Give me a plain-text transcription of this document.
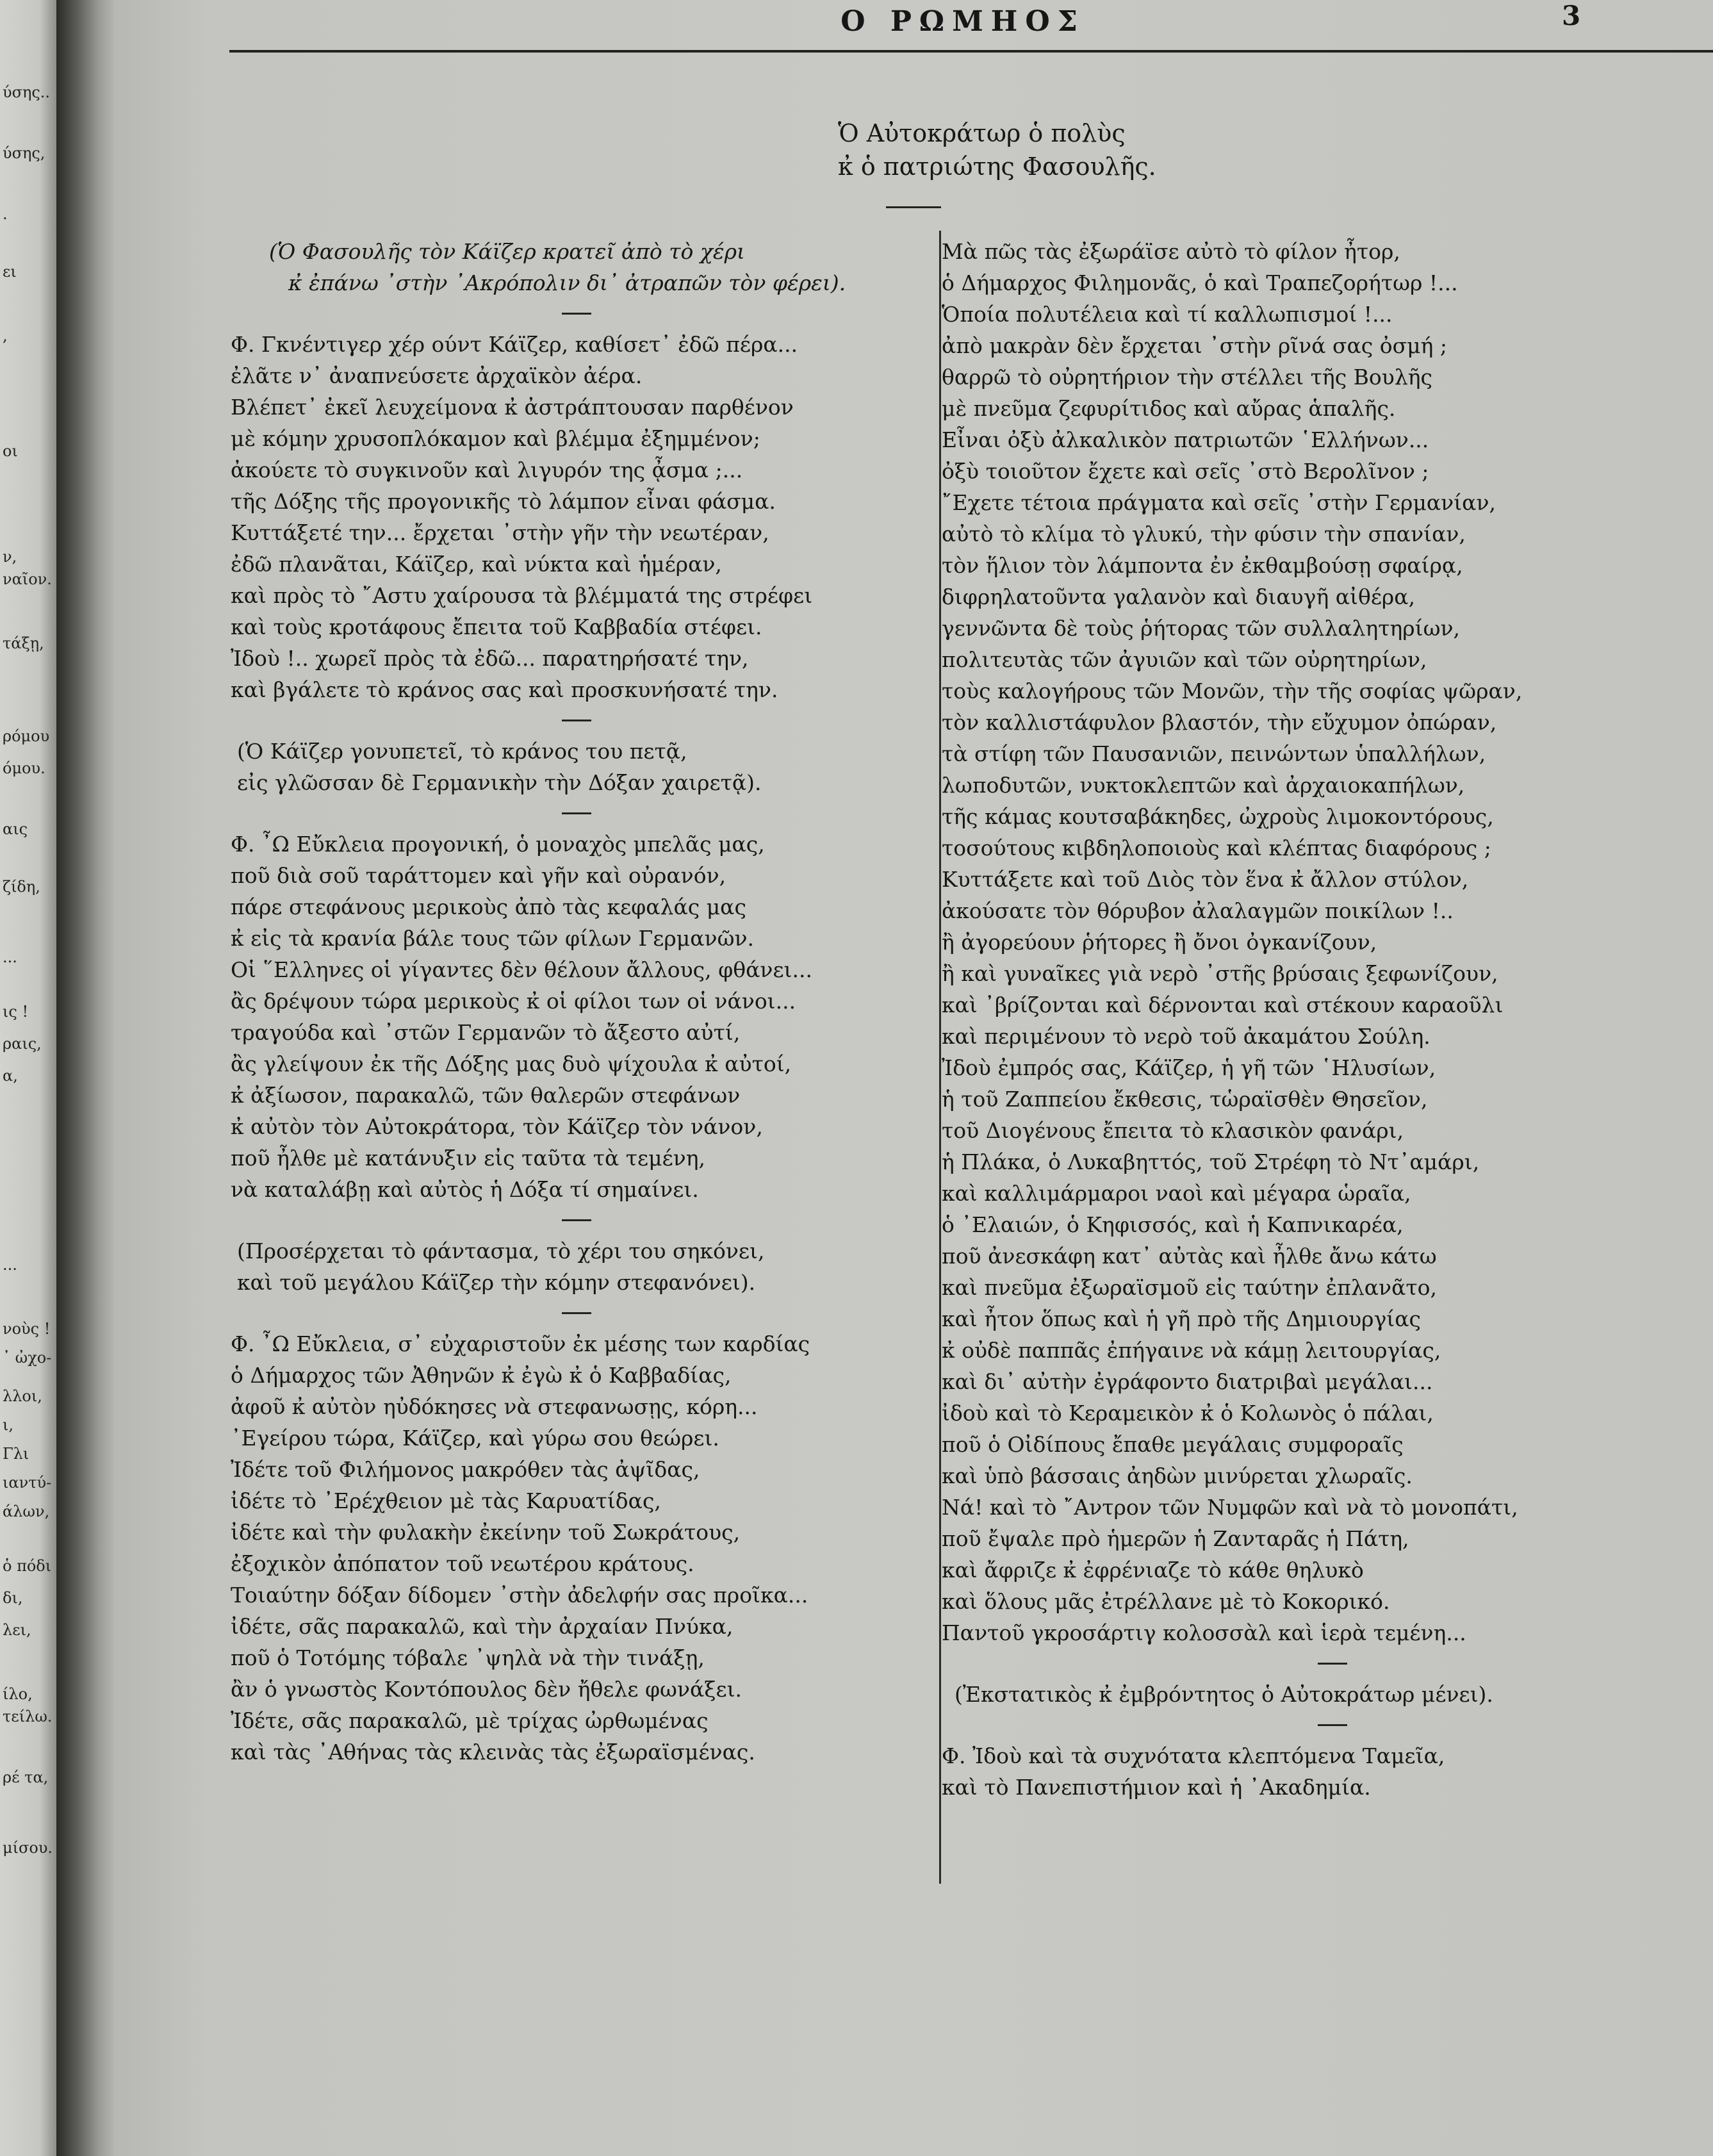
ύσης..
ύσης,
.
ει
,
οι
ν,
ναῖον.
τάξῃ,
ρόμου
όμου.
αις
ζίδη,
...
ις !
ραις,
α,
...
νοὺς !
᾽ ὠχο-
λλοι,
ι,
Γλι
ιαντύ-
άλων,
ὁ πόδι
δι,
λει,
ίλο,
τείλω.
ρέ τα,
μίσου.
Ο ΡΩΜΗΟΣ	3
Ὁ Αὐτοκράτωρ ὁ πολὺς
κ̓ ὁ πατριώτης Φασουλῆς.
(Ὁ Φασουλῆς τὸν Κάϊζερ κρατεῖ ἀπὸ τὸ χέρι
κ̓ ἐπάνω ᾽στὴν ᾽Ακρόπολιν δι᾽ ἀτραπῶν τὸν φέρει).
Φ. Γκνέντιγερ χέρ ούντ Κάϊζερ, καθίσετ᾽ ἐδῶ πέρα...
ἐλᾶτε ν᾽ ἀναπνεύσετε ἀρχαϊκὸν ἀέρα.
Βλέπετ᾽ ἐκεῖ λευχείμονα κ̓ ἀστράπτουσαν παρθένον
μὲ κόμην χρυσοπλόκαμον καὶ βλέμμα ἐξημμένον;
ἀκούετε τὸ συγκινοῦν καὶ λιγυρόν της ᾆσμα ;...
τῆς Δόξης τῆς προγονικῆς τὸ λάμπον εἶναι φάσμα.
Κυττάξετέ την... ἔρχεται ᾽στὴν γῆν τὴν νεωτέραν,
ἐδῶ πλανᾶται, Κάϊζερ, καὶ νύκτα καὶ ἡμέραν,
καὶ πρὸς τὸ ῎Αστυ χαίρουσα τὰ βλέμματά της στρέφει
καὶ τοὺς κροτάφους ἔπειτα τοῦ Καββαδία στέφει.
Ἰδοὺ !.. χωρεῖ πρὸς τὰ ἐδῶ... παρατηρήσατέ την,
καὶ βγάλετε τὸ κράνος σας καὶ προσκυνήσατέ την.
(Ὁ Κάϊζερ γονυπετεῖ, τὸ κράνος του πετᾷ,
εἰς γλῶσσαν δὲ Γερμανικὴν τὴν Δόξαν χαιρετᾷ).
Φ. ῏Ω Εὔκλεια προγονική, ὁ μοναχὸς μπελᾶς μας,
ποῦ διὰ σοῦ ταράττομεν καὶ γῆν καὶ οὐρανόν,
πάρε στεφάνους μερικοὺς ἀπὸ τὰς κεφαλάς μας
κ̓ εἰς τὰ κρανία βάλε τους τῶν φίλων Γερμανῶν.
Οἱ ῞Ελληνες οἱ γίγαντες δὲν θέλουν ἄλλους, φθάνει...
ἂς δρέψουν τώρα μερικοὺς κ̓ οἱ φίλοι των οἱ νάνοι...
τραγούδα καὶ ᾽στῶν Γερμανῶν τὸ ἄξεστο αὐτί,
ἂς γλείψουν ἐκ τῆς Δόξης μας δυὸ ψίχουλα κ̓ αὐτοί,
κ̓ ἀξίωσον, παρακαλῶ, τῶν θαλερῶν στεφάνων
κ̓ αὐτὸν τὸν Αὐτοκράτορα, τὸν Κάϊζερ τὸν νάνον,
ποῦ ἦλθε μὲ κατάνυξιν εἰς ταῦτα τὰ τεμένη,
νὰ καταλάβῃ καὶ αὐτὸς ἡ Δόξα τί σημαίνει.
(Προσέρχεται τὸ φάντασμα, τὸ χέρι του σηκόνει,
καὶ τοῦ μεγάλου Κάϊζερ τὴν κόμην στεφανόνει).
Φ. ῏Ω Εὔκλεια, σ᾽ εὐχαριστοῦν ἐκ μέσης των καρδίας
ὁ Δήμαρχος τῶν Ἀθηνῶν κ̓ ἐγὼ κ̓ ὁ Καββαδίας,
ἀφοῦ κ̓ αὐτὸν ηὐδόκησες νὰ στεφανωσῃς, κόρη...
᾽Εγείρου τώρα, Κάϊζερ, καὶ γύρω σου θεώρει.
Ἰδέτε τοῦ Φιλήμονος μακρόθεν τὰς ἀψῖδας,
ἰδέτε τὸ ᾽Ερέχθειον μὲ τὰς Καρυατίδας,
ἰδέτε καὶ τὴν φυλακὴν ἐκείνην τοῦ Σωκράτους,
ἐξοχικὸν ἀπόπατον τοῦ νεωτέρου κράτους.
Τοιαύτην δόξαν δίδομεν ᾽στὴν ἀδελφήν σας προῖκα...
ἰδέτε, σᾶς παρακαλῶ, καὶ τὴν ἀρχαίαν Πνύκα,
ποῦ ὁ Τοτόμης τόβαλε ᾽ψηλὰ νὰ τὴν τινάξῃ,
ἂν ὁ γνωστὸς Κοντόπουλος δὲν ἤθελε φωνάξει.
Ἰδέτε, σᾶς παρακαλῶ, μὲ τρίχας ὠρθωμένας
καὶ τὰς ᾽Αθήνας τὰς κλεινὰς τὰς ἐξωραϊσμένας.
Μὰ πῶς τὰς ἐξωράϊσε αὐτὸ τὸ φίλον ἦτορ,
ὁ Δήμαρχος Φιλημονᾶς, ὁ καὶ Τραπεζορήτωρ !...
Ὁποία πολυτέλεια καὶ τί καλλωπισμοί !...
ἀπὸ μακρὰν δὲν ἔρχεται ᾽στὴν ρῖνά σας ὀσμή ;
θαρρῶ τὸ οὐρητήριον τὴν στέλλει τῆς Βουλῆς
μὲ πνεῦμα ζεφυρίτιδος καὶ αὔρας ἁπαλῆς.
Εἶναι ὀξὺ ἀλκαλικὸν πατριωτῶν ῾Ελλήνων...
ὀξὺ τοιοῦτον ἔχετε καὶ σεῖς ᾽στὸ Βερολῖνον ;
῎Εχετε τέτοια πράγματα καὶ σεῖς ᾽στὴν Γερμανίαν,
αὐτὸ τὸ κλίμα τὸ γλυκύ, τὴν φύσιν τὴν σπανίαν,
τὸν ἥλιον τὸν λάμποντα ἐν ἐκθαμβούσῃ σφαίρᾳ,
διφρηλατοῦντα γαλανὸν καὶ διαυγῆ αἰθέρα,
γεννῶντα δὲ τοὺς ῥήτορας τῶν συλλαλητηρίων,
πολιτευτὰς τῶν ἀγυιῶν καὶ τῶν οὐρητηρίων,
τοὺς καλογήρους τῶν Μονῶν, τὴν τῆς σοφίας ψῶραν,
τὸν καλλιστάφυλον βλαστόν, τὴν εὔχυμον ὀπώραν,
τὰ στίφη τῶν Παυσανιῶν, πεινώντων ὑπαλλήλων,
λωποδυτῶν, νυκτοκλεπτῶν καὶ ἀρχαιοκαπήλων,
τῆς κάμας κουτσαβάκηδες, ὠχροὺς λιμοκοντόρους,
τοσούτους κιβδηλοποιοὺς καὶ κλέπτας διαφόρους ;
Κυττάξετε καὶ τοῦ Διὸς τὸν ἕνα κ̓ ἄλλον στύλον,
ἀκούσατε τὸν θόρυβον ἀλαλαγμῶν ποικίλων !..
ἢ ἀγορεύουν ῥήτορες ἢ ὄνοι ὀγκανίζουν,
ἢ καὶ γυναῖκες γιὰ νερὸ ᾽στῆς βρύσαις ξεφωνίζουν,
καὶ ᾽βρίζονται καὶ δέρνονται καὶ στέκουν καραοῦλι
καὶ περιμένουν τὸ νερὸ τοῦ ἀκαμάτου Σούλη.
Ἰδοὺ ἐμπρός σας, Κάϊζερ, ἡ γῆ τῶν ῾Ηλυσίων,
ἡ τοῦ Ζαππείου ἔκθεσις, τὡραϊσθὲν Θησεῖον,
τοῦ Διογένους ἔπειτα τὸ κλασικὸν φανάρι,
ἡ Πλάκα, ὁ Λυκαβηττός, τοῦ Στρέφη τὸ Ντ᾽αμάρι,
καὶ καλλιμάρμαροι ναοὶ καὶ μέγαρα ὡραῖα,
ὁ ᾽Ελαιών, ὁ Κηφισσός, καὶ ἡ Καπνικαρέα,
ποῦ ἀνεσκάφη κατ᾽ αὐτὰς καὶ ἦλθε ἄνω κάτω
καὶ πνεῦμα ἐξωραϊσμοῦ εἰς ταύτην ἐπλανᾶτο,
καὶ ἦτον ὅπως καὶ ἡ γῆ πρὸ τῆς Δημιουργίας
κ̓ οὐδὲ παππᾶς ἐπήγαινε νὰ κάμῃ λειτουργίας,
καὶ δι᾽ αὐτὴν ἐγράφοντο διατριβαὶ μεγάλαι...
ἰδοὺ καὶ τὸ Κεραμεικὸν κ̓ ὁ Κολωνὸς ὁ πάλαι,
ποῦ ὁ Οἰδίπους ἔπαθε μεγάλαις συμφοραῖς
καὶ ὑπὸ βάσσαις ἀηδὼν μινύρεται χλωραῖς.
Νά! καὶ τὸ ῎Αντρον τῶν Νυμφῶν καὶ νὰ τὸ μονοπάτι,
ποῦ ἔψαλε πρὸ ἡμερῶν ἡ Ζανταρᾶς ἡ Πάτη,
καὶ ἄφριζε κ̓ ἐφρένιαζε τὸ κάθε θηλυκὸ
καὶ ὅλους μᾶς ἐτρέλλανε μὲ τὸ Κοκορικό.
Παντοῦ γκροσάρτιγ κολοσσὰλ καὶ ἱερὰ τεμένη...
(Ἐκστατικὸς κ̓ ἐμβρόντητος ὁ Αὐτοκράτωρ μένει).
Φ. Ἰδοὺ καὶ τὰ συχνότατα κλεπτόμενα Ταμεῖα,
καὶ τὸ Πανεπιστήμιον καὶ ἡ ᾽Ακαδημία.
